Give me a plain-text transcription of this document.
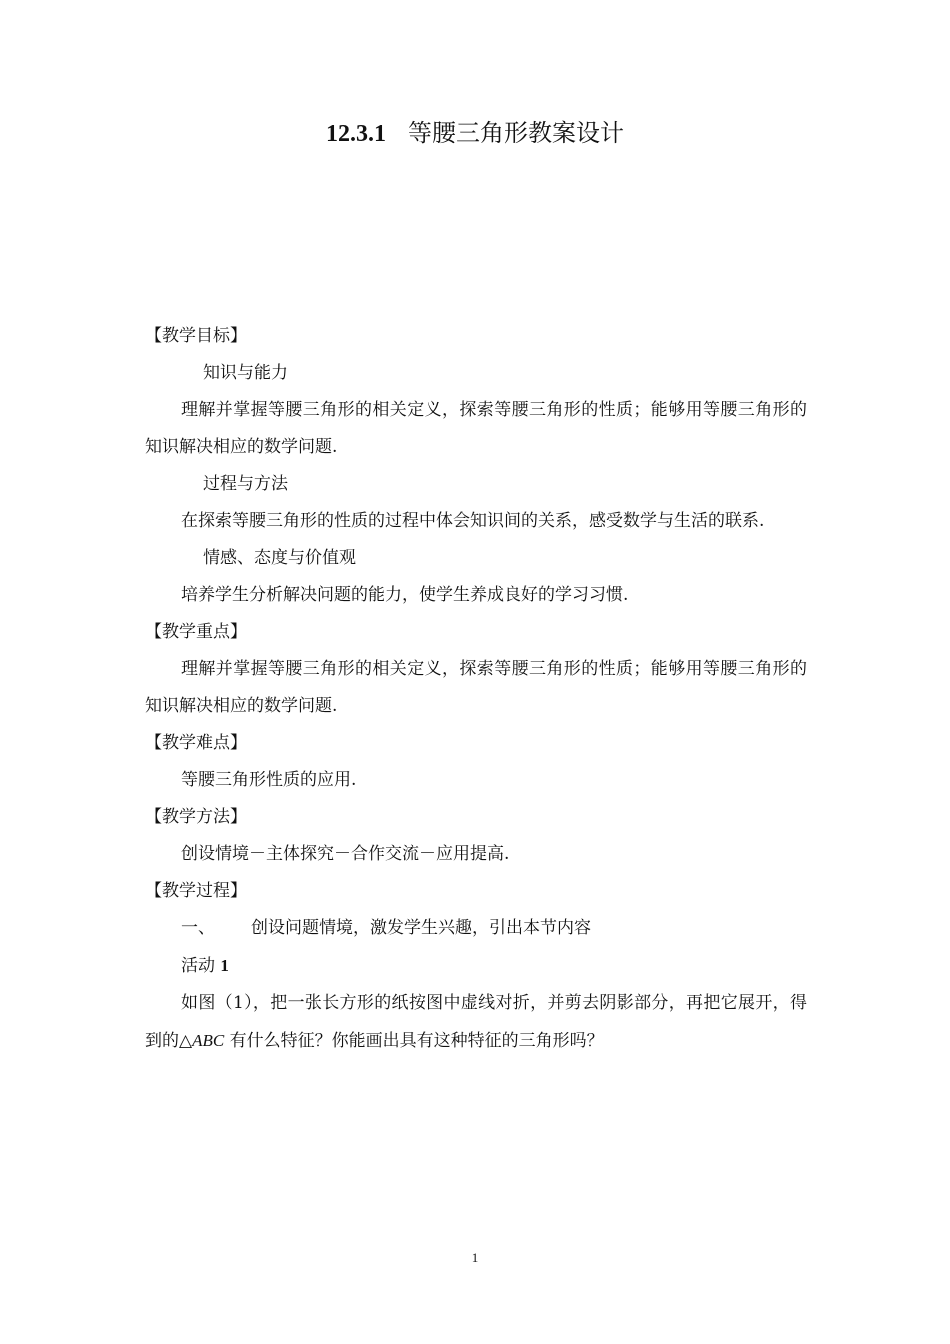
12.3.1 等腰三角形教案设计

【教学目标】

知识与能力

理解并掌握等腰三角形的相关定义，探索等腰三角形的性质；能够用等腰三角形的知识解决相应的数学问题.

过程与方法

在探索等腰三角形的性质的过程中体会知识间的关系，感受数学与生活的联系.

情感、态度与价值观

培养学生分析解决问题的能力，使学生养成良好的学习习惯.

【教学重点】

理解并掌握等腰三角形的相关定义，探索等腰三角形的性质；能够用等腰三角形的知识解决相应的数学问题.

【教学难点】

等腰三角形性质的应用.

【教学方法】

创设情境－主体探究－合作交流－应用提高.

【教学过程】

一、 创设问题情境，激发学生兴趣，引出本节内容

活动 1

如图（1），把一张长方形的纸按图中虚线对折，并剪去阴影部分，再把它展开，得到的△ABC 有什么特征？你能画出具有这种特征的三角形吗？

1
